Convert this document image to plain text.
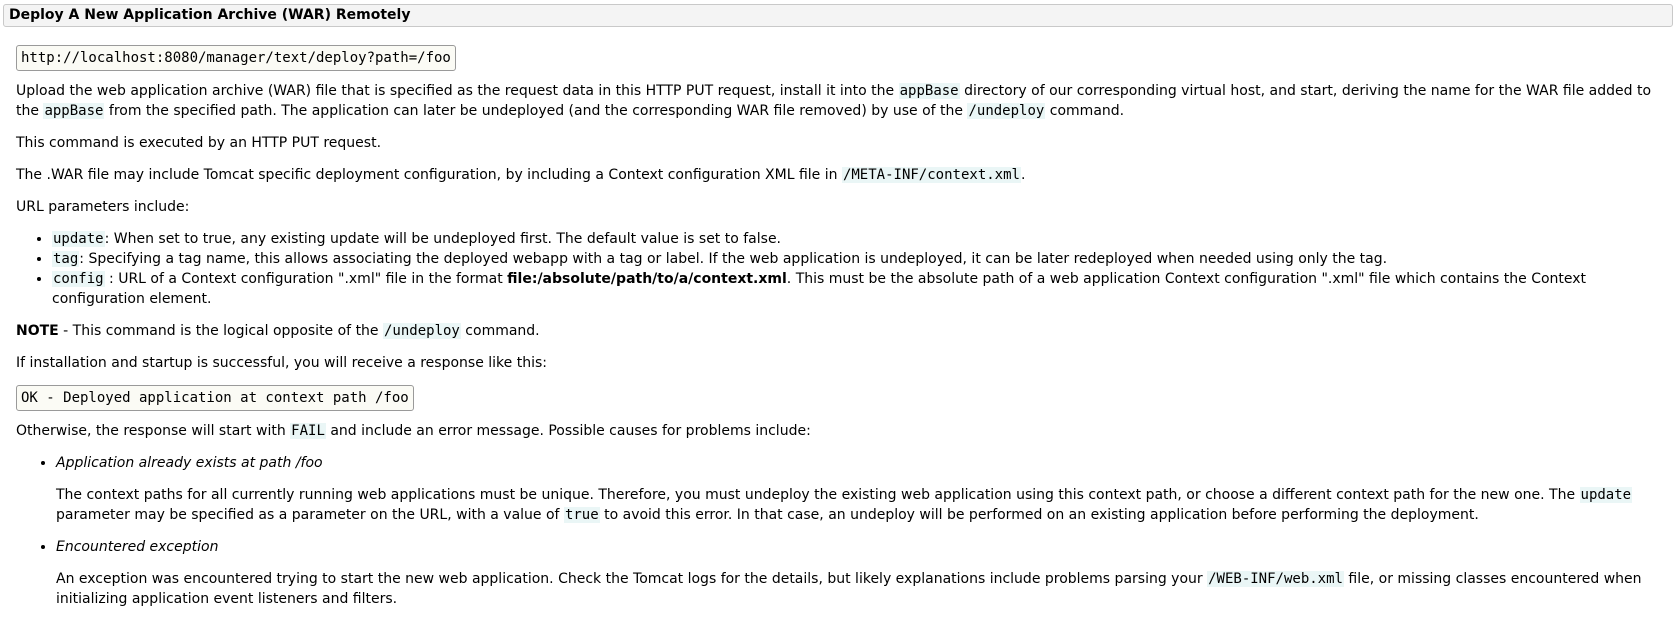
Deploy A New Application Archive (WAR) Remotely
http://localhost:8080/manager/text/deploy?path=/foo

Upload the web application archive (WAR) file that is specified as the request data in this HTTP PUT request, install it into the appBase directory of our corresponding virtual host, and start, deriving the name for the WAR file added to the appBase from the specified path. The application can later be undeployed (and the corresponding WAR file removed) by use of the /undeploy command.

This command is executed by an HTTP PUT request.

The .WAR file may include Tomcat specific deployment configuration, by including a Context configuration XML file in /META-INF/context.xml.

URL parameters include:

• update: When set to true, any existing update will be undeployed first. The default value is set to false.
• tag: Specifying a tag name, this allows associating the deployed webapp with a tag or label. If the web application is undeployed, it can be later redeployed when needed using only the tag.
• config : URL of a Context configuration ".xml" file in the format file:/absolute/path/to/a/context.xml. This must be the absolute path of a web application Context configuration ".xml" file which contains the Context configuration element.

NOTE - This command is the logical opposite of the /undeploy command.

If installation and startup is successful, you will receive a response like this:

OK - Deployed application at context path /foo

Otherwise, the response will start with FAIL and include an error message. Possible causes for problems include:

• Application already exists at path /foo

The context paths for all currently running web applications must be unique. Therefore, you must undeploy the existing web application using this context path, or choose a different context path for the new one. The update parameter may be specified as a parameter on the URL, with a value of true to avoid this error. In that case, an undeploy will be performed on an existing application before performing the deployment.

• Encountered exception

An exception was encountered trying to start the new web application. Check the Tomcat logs for the details, but likely explanations include problems parsing your /WEB-INF/web.xml file, or missing classes encountered when initializing application event listeners and filters.
